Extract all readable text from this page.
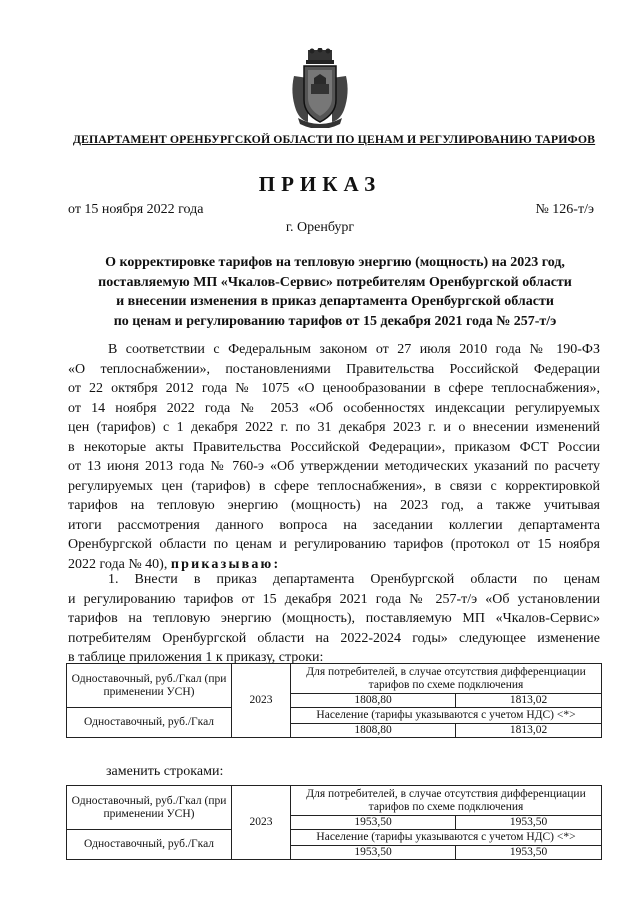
ДЕПАРТАМЕНТ ОРЕНБУРГСКОЙ ОБЛАСТИ ПО ЦЕНАМ И РЕГУЛИРОВАНИЮ ТАРИФОВ
ПРИКАЗ
от 15 ноября 2022 года	№ 126-т/э
г. Оренбург
О корректировке тарифов на тепловую энергию (мощность) на 2023 год,
поставляемую МП «Чкалов-Сервис» потребителям Оренбургской области
и внесении изменения в приказ департамента Оренбургской области
по ценам и регулированию тарифов от 15 декабря 2021 года № 257-т/э
В соответствии с Федеральным законом от 27 июля 2010 года № 190-ФЗ
«О теплоснабжении», постановлениями Правительства Российской Федерации
от 22 октября 2012 года № 1075 «О ценообразовании в сфере теплоснабжения»,
от 14 ноября 2022 года № 2053 «Об особенностях индексации регулируемых
цен (тарифов) с 1 декабря 2022 г. по 31 декабря 2023 г. и о внесении изменений
в некоторые акты Правительства Российской Федерации», приказом ФСТ России
от 13 июня 2013 года № 760-э «Об утверждении методических указаний по расчету
регулируемых цен (тарифов) в сфере теплоснабжения», в связи с корректировкой
тарифов на тепловую энергию (мощность) на 2023 год, а также учитывая
итоги рассмотрения данного вопроса на заседании коллегии департамента
Оренбургской области по ценам и регулированию тарифов (протокол от 15 ноября
2022 года № 40), приказываю:
1. Внести в приказ департамента Оренбургской области по ценам
и регулированию тарифов от 15 декабря 2021 года № 257-т/э «Об установлении
тарифов на тепловую энергию (мощность), поставляемую МП «Чкалов-Сервис»
потребителям Оренбургской области на 2022-2024 годы» следующее изменение
в таблице приложения 1 к приказу, строки:
Одноставочный, руб./Гкал (при применении УСН)	2023	Для потребителей, в случае отсутствия дифференциации тарифов по схеме подключения	
		1808,80	1813,02
Одноставочный, руб./Гкал		Население (тарифы указываются с учетом НДС) <*>	
		1808,80	1813,02
заменить строками:
Одноставочный, руб./Гкал (при применении УСН)	2023	Для потребителей, в случае отсутствия дифференциации тарифов по схеме подключения	
		1953,50	1953,50
Одноставочный, руб./Гкал		Население (тарифы указываются с учетом НДС) <*>	
		1953,50	1953,50
